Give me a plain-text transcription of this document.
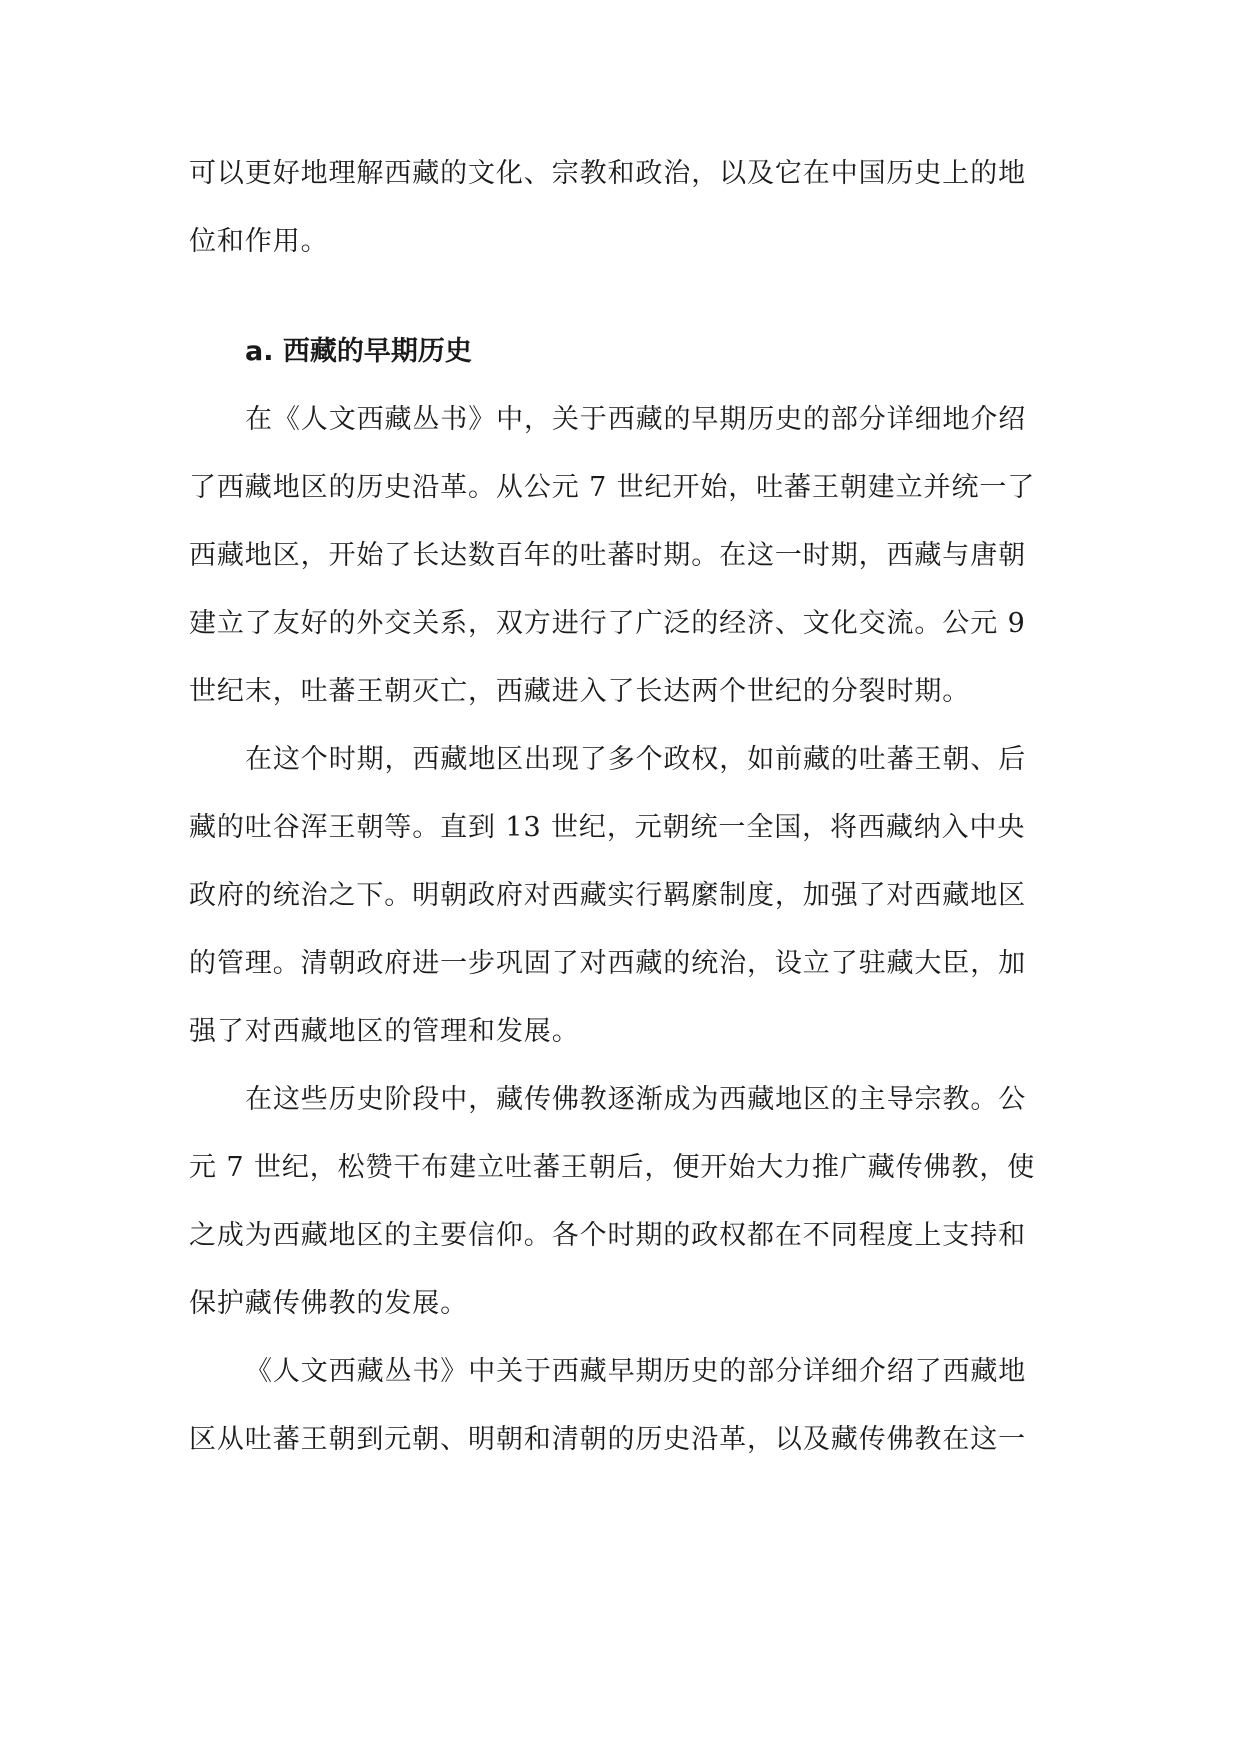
可以更好地理解西藏的文化、宗教和政治，以及它在中国历史上的地
位和作用。
a. 西藏的早期历史
在《人文西藏丛书》中，关于西藏的早期历史的部分详细地介绍
了西藏地区的历史沿革。从公元 7 世纪开始，吐蕃王朝建立并统一了
西藏地区，开始了长达数百年的吐蕃时期。在这一时期，西藏与唐朝
建立了友好的外交关系，双方进行了广泛的经济、文化交流。公元 9
世纪末，吐蕃王朝灭亡，西藏进入了长达两个世纪的分裂时期。
在这个时期，西藏地区出现了多个政权，如前藏的吐蕃王朝、后
藏的吐谷浑王朝等。直到 13 世纪，元朝统一全国，将西藏纳入中央
政府的统治之下。明朝政府对西藏实行羁縻制度，加强了对西藏地区
的管理。清朝政府进一步巩固了对西藏的统治，设立了驻藏大臣，加
强了对西藏地区的管理和发展。
在这些历史阶段中，藏传佛教逐渐成为西藏地区的主导宗教。公
元 7 世纪，松赞干布建立吐蕃王朝后，便开始大力推广藏传佛教，使
之成为西藏地区的主要信仰。各个时期的政权都在不同程度上支持和
保护藏传佛教的发展。
《人文西藏丛书》中关于西藏早期历史的部分详细介绍了西藏地
区从吐蕃王朝到元朝、明朝和清朝的历史沿革，以及藏传佛教在这一
